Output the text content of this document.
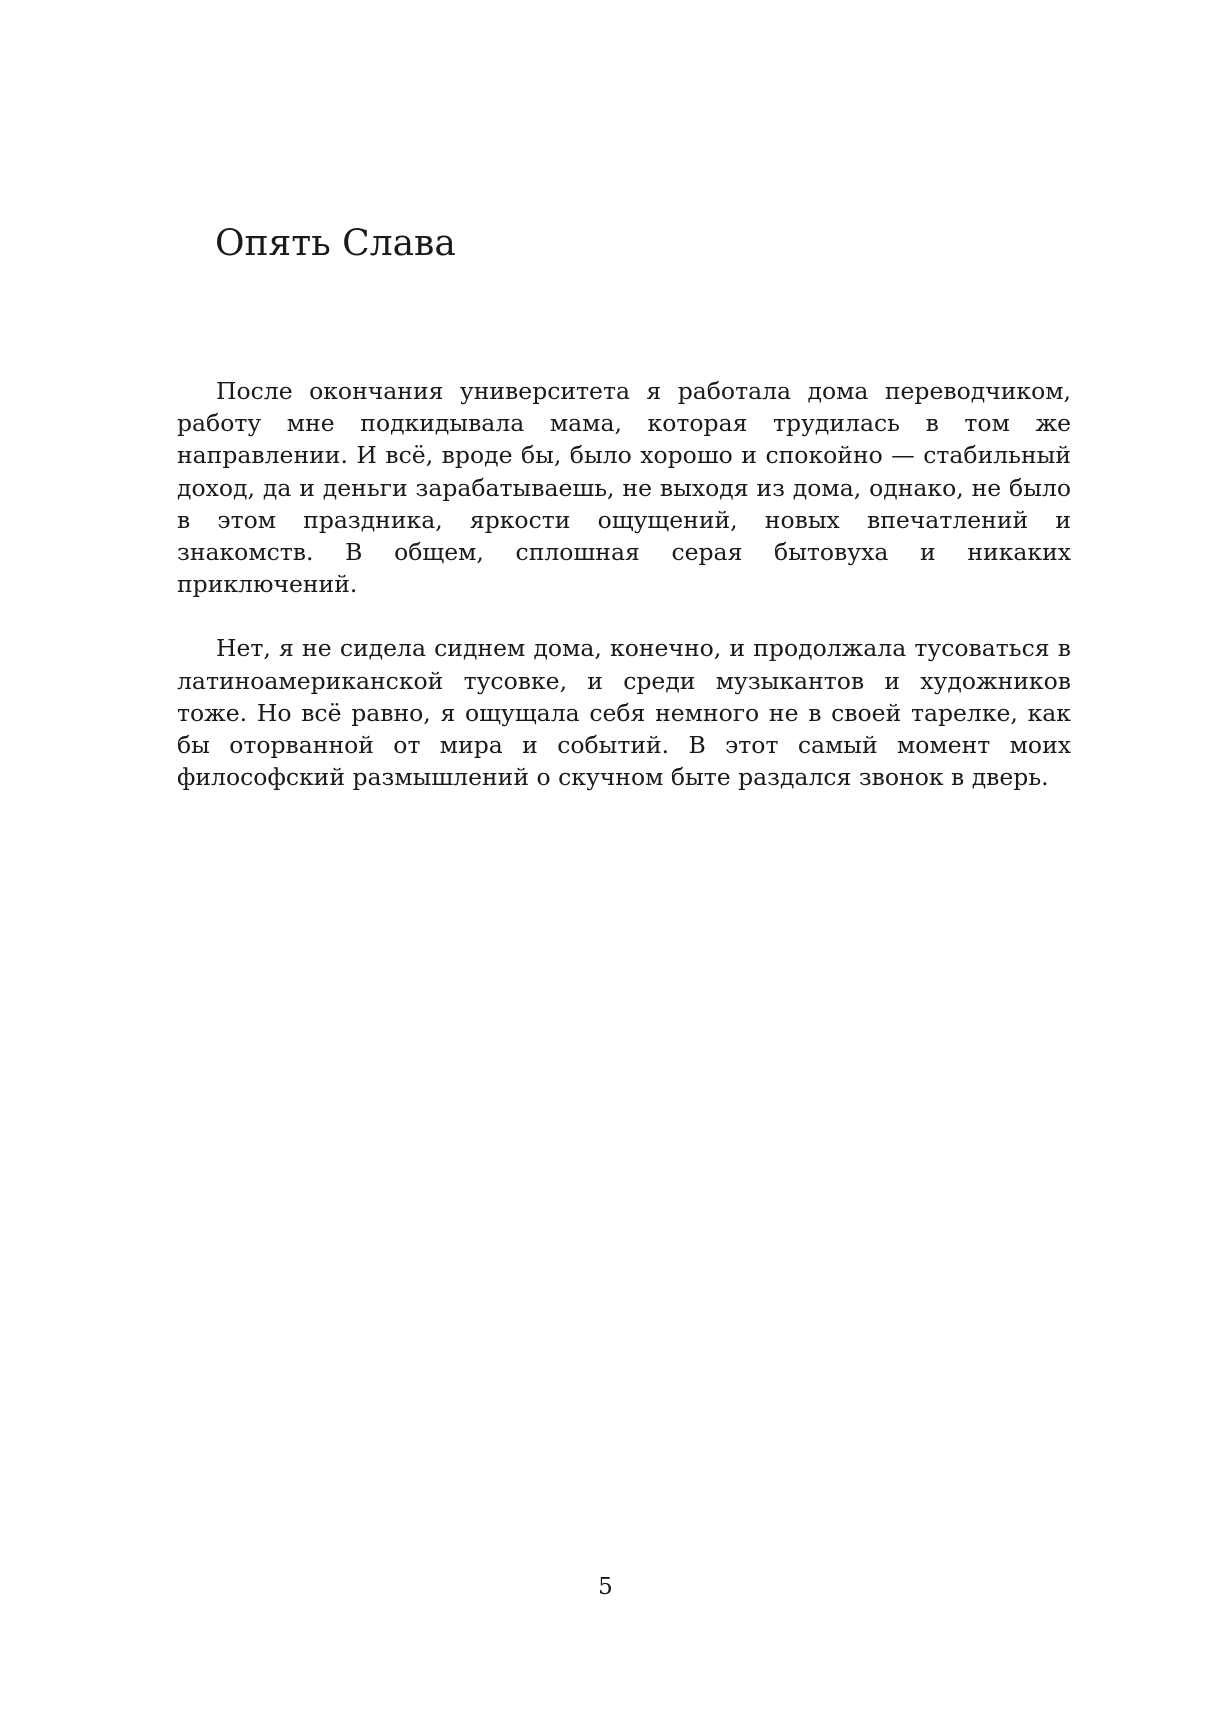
Опять Слава

После окончания университета я работала дома переводчиком, работу мне подкидывала мама, которая трудилась в том же направлении. И всё, вроде бы, было хорошо и спокойно — стабильный доход, да и деньги зарабатываешь, не выходя из дома, однако, не было в этом праздника, яркости ощущений, новых впечатлений и знакомств. В общем, сплошная серая бытовуха и никаких приключений.

Нет, я не сидела сиднем дома, конечно, и продолжала тусоваться в латиноамериканской тусовке, и среди музыкантов и художников тоже. Но всё равно, я ощущала себя немного не в своей тарелке, как бы оторванной от мира и событий. В этот самый момент моих философский размышлений о скучном быте раздался звонок в дверь.

5
